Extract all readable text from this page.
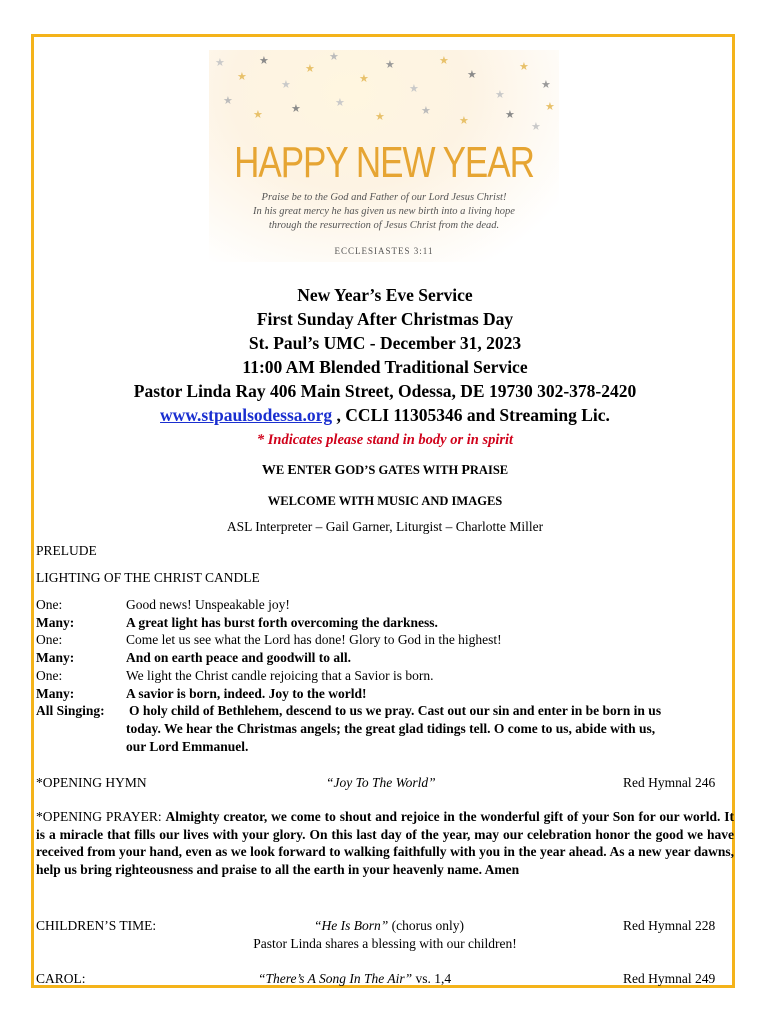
★
★
★
★
★
★
★
★
★
★
★
★
★
★
★
★	★	★
★	★
★	★
★
★
HAPPY NEW YEAR
Praise be to the God and Father of our Lord Jesus Christ!
In his great mercy he has given us new birth into a living hope
through the resurrection of Jesus Christ from the dead.
ECCLESIASTES 3:11
New Year’s Eve Service
First Sunday After Christmas Day
St. Paul’s UMC - December 31, 2023
11:00 AM Blended Traditional Service
Pastor Linda Ray 406 Main Street, Odessa, DE 19730 302-378-2420
www.stpaulsodessa.org , CCLI 11305346 and Streaming Lic.
* Indicates please stand in body or in spirit
WE ENTER GOD’S GATES WITH PRAISE
WELCOME WITH MUSIC AND IMAGES
ASL Interpreter – Gail Garner, Liturgist – Charlotte Miller
PRELUDE
LIGHTING OF THE CHRIST CANDLE
One:	Good news! Unspeakable joy!
Many:	A great light has burst forth overcoming the darkness.
One:	Come let us see what the Lord has done! Glory to God in the highest!
Many:	And on earth peace and goodwill to all.
One:	We light the Christ candle rejoicing that a Savior is born.
Many:	A savior is born, indeed. Joy to the world!
All Singing: O holy child of Bethlehem, descend to us we pray. Cast out our sin and enter in be born in us
today. We hear the Christmas angels; the great glad tidings tell. O come to us, abide with us,
our Lord Emmanuel.
*OPENING HYMN	“Joy To The World”	Red Hymnal 246
*OPENING PRAYER: Almighty creator, we come to shout and rejoice in the wonderful gift of your Son for our world. It is a miracle that fills our lives with your glory. On this last day of the year, may our celebration honor the good we have received from your hand, even as we look forward to walking faithfully with you in the year ahead. As a new year dawns, help us bring righteousness and praise to all the earth in your heavenly name. Amen
CHILDREN’S TIME:	“He Is Born” (chorus only)	Red Hymnal 228
Pastor Linda shares a blessing with our children!
CAROL:	“There’s A Song In The Air” vs. 1,4	Red Hymnal 249
